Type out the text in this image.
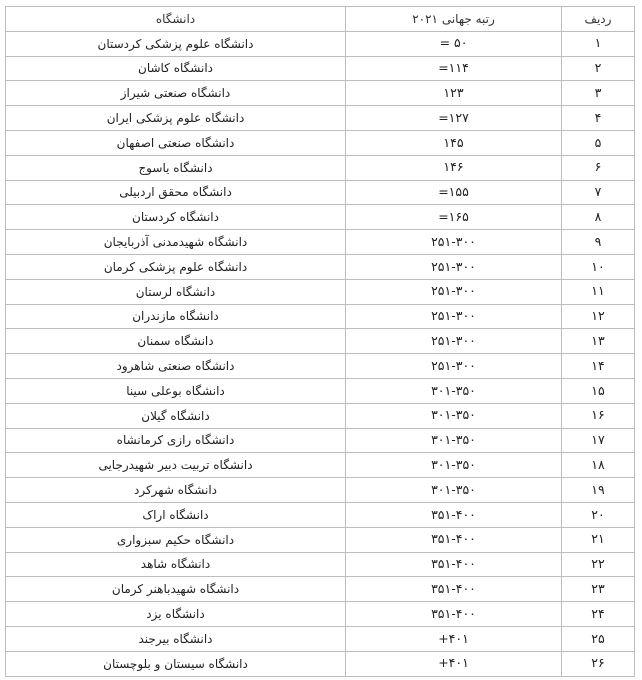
ردیف	رتبه جهانی ۲۰۲۱	دانشگاه
۱	= ۵۰	دانشگاه علوم پزشکی کردستان
۲	=۱۱۴	دانشگاه کاشان
۳	۱۲۳	دانشگاه صنعتی شیراز
۴	=۱۲۷	دانشگاه علوم پزشکی ایران
۵	۱۴۵	دانشگاه صنعتی اصفهان
۶	۱۴۶	دانشگاه یاسوج
۷	=۱۵۵	دانشگاه محقق اردبیلی
۸	=۱۶۵	دانشگاه کردستان
۹	۲۵۱-۳۰۰	دانشگاه شهیدمدنی آذربایجان
۱۰	۲۵۱-۳۰۰	دانشگاه علوم پزشکی کرمان
۱۱	۲۵۱-۳۰۰	دانشگاه لرستان
۱۲	۲۵۱-۳۰۰	دانشگاه مازندران
۱۳	۲۵۱-۳۰۰	دانشگاه سمنان
۱۴	۲۵۱-۳۰۰	دانشگاه صنعتی شاهرود
۱۵	۳۰۱-۳۵۰	دانشگاه بوعلی سینا
۱۶	۳۰۱-۳۵۰	دانشگاه گیلان
۱۷	۳۰۱-۳۵۰	دانشگاه رازی کرمانشاه
۱۸	۳۰۱-۳۵۰	دانشگاه تربیت دبیر شهیدرجایی
۱۹	۳۰۱-۳۵۰	دانشگاه شهرکرد
۲۰	۳۵۱-۴۰۰	دانشگاه اراک
۲۱	۳۵۱-۴۰۰	دانشگاه حکیم سبزواری
۲۲	۳۵۱-۴۰۰	دانشگاه شاهد
۲۳	۳۵۱-۴۰۰	دانشگاه شهیدباهنر کرمان
۲۴	۳۵۱-۴۰۰	دانشگاه یزد
۲۵	+۴۰۱	دانشگاه بیرجند
۲۶	+۴۰۱	دانشگاه سیستان و بلوچستان
